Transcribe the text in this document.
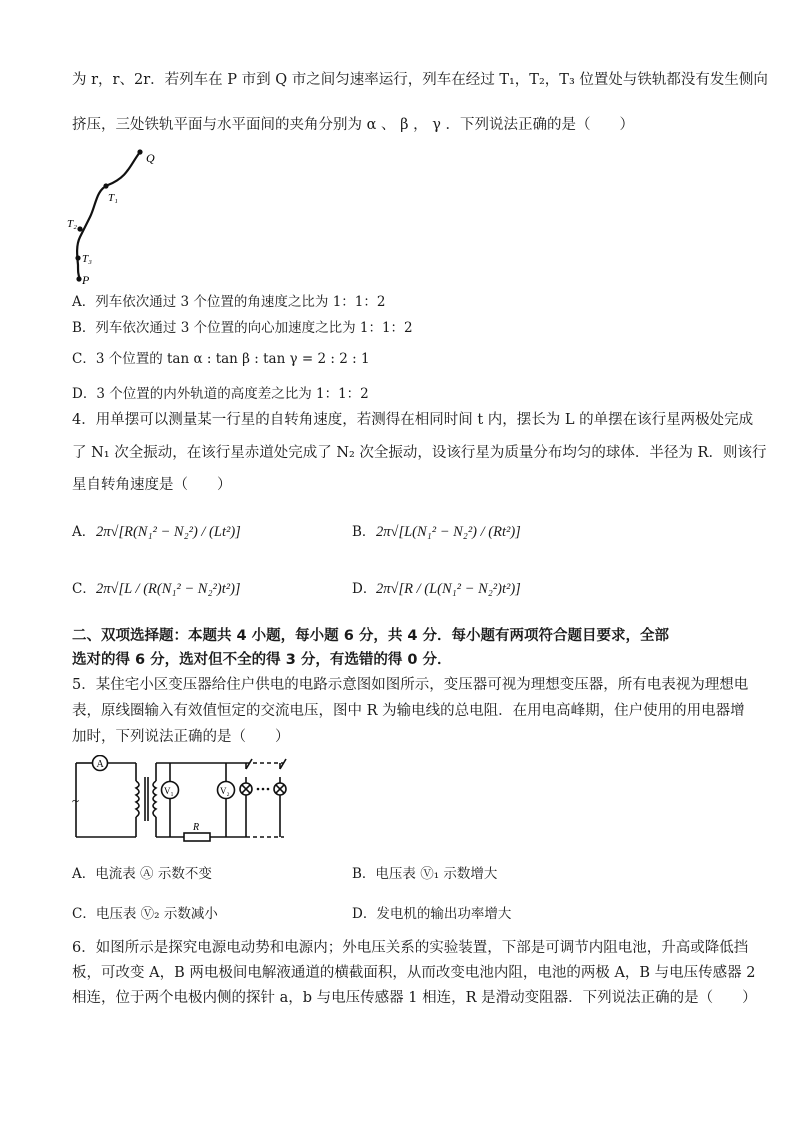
为 r，r、2r．若列车在 P 市到 Q 市之间匀速率运行，列车在经过 T₁，T₂，T₃ 位置处与铁轨都没有发生侧向
挤压，三处铁轨平面与水平面间的夹角分别为 α 、 β ， γ ．下列说法正确的是（　　）
Q
T₁
T₂
T₃
P
A．列车依次通过 3 个位置的角速度之比为 1：1：2
B．列车依次通过 3 个位置的向心加速度之比为 1：1：2
C．3 个位置的 tan α : tan β : tan γ = 2 : 2 : 1
D．3 个位置的内外轨道的高度差之比为 1：1：2
4．用单摆可以测量某一行星的自转角速度，若测得在相同时间 t 内，摆长为 L 的单摆在该行星两极处完成
了 N₁ 次全振动，在该行星赤道处完成了 N₂ 次全振动，设该行星为质量分布均匀的球体．半径为 R．则该行
星自转角速度是（　　）
A． 2π√[R(N₁² − N₂²) / (Lt²)]	B． 2π√[L(N₁² − N₂²) / (Rt²)]
C． 2π√[L / (R(N₁² − N₂²)t²)]	D． 2π√[R / (L(N₁² − N₂²)t²)]
二、双项选择题：本题共 4 小题，每小题 6 分，共 4 分．每小题有两项符合题目要求，全部
选对的得 6 分，选对但不全的得 3 分，有选错的得 0 分．
5．某住宅小区变压器给住户供电的电路示意图如图所示，变压器可视为理想变压器，所有电表视为理想电
表，原线圈输入有效值恒定的交流电压，图中 R 为输电线的总电阻．在用电高峰期，住户使用的用电器增
加时，下列说法正确的是（　　）
A
~
V₁	V₂
R
A．电流表 Ⓐ 示数不变	B．电压表 Ⓥ₁ 示数增大
C．电压表 Ⓥ₂ 示数减小	D．发电机的输出功率增大
6．如图所示是探究电源电动势和电源内；外电压关系的实验装置，下部是可调节内阻电池，升高或降低挡
板，可改变 A，B 两电极间电解液通道的横截面积，从而改变电池内阻，电池的两极 A，B 与电压传感器 2
相连，位于两个电极内侧的探针 a，b 与电压传感器 1 相连，R 是滑动变阻器．下列说法正确的是（　　）
